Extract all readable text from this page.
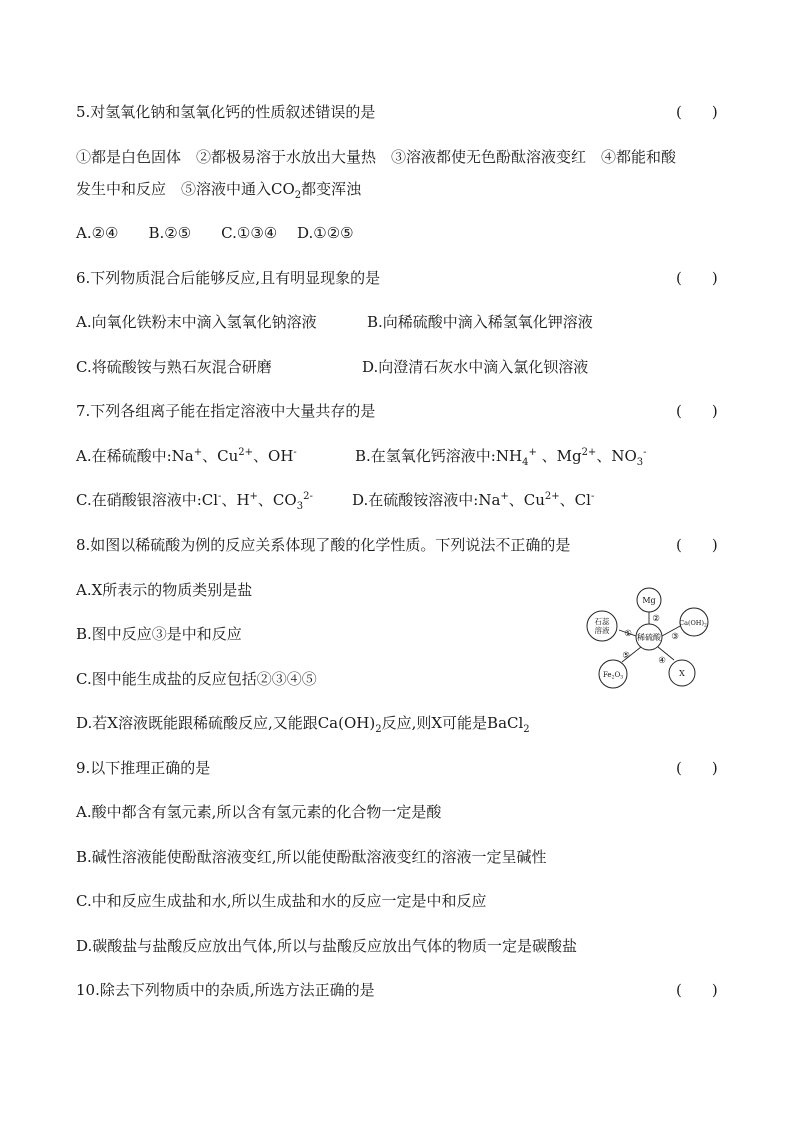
5.对氢氧化钠和氢氧化钙的性质叙述错误的是	(　　)
①都是白色固体　②都极易溶于水放出大量热　③溶液都使无色酚酞溶液变红　④都能和酸
发生中和反应　⑤溶液中通入$CO_2$都变浑浊
A.②④　　B.②⑤　　C.①③④　 D.①②⑤
6.下列物质混合后能够反应,且有明显现象的是	(　　)
A.向氧化铁粉末中滴入氢氧化钠溶液	B.向稀硫酸中滴入稀氢氧化钾溶液
C.将硫酸铵与熟石灰混合研磨	D.向澄清石灰水中滴入氯化钡溶液
7.下列各组离子能在指定溶液中大量共存的是	(　　)
A.在稀硫酸中:Na+、$Cu^{2+}$、OH-	B.在氢氧化钙溶液中$:NH_4^+$ 、$Mg^{2+}$、$NO_3^-$
C.在硝酸银溶液中:Cl-、H+、$CO_3^{2-}$	D.在硫酸铵溶液中:Na+、$Cu^{2+}$、Cl-
8.如图以稀硫酸为例的反应关系体现了酸的化学性质。下列说法不正确的是	(　　)
A.X所表示的物质类别是盐
B.图中反应③是中和反应
C.图中能生成盐的反应包括②③④⑤
D.若X溶液既能跟稀硫酸反应,又能跟$Ca(OH)_2$反应,则X可能是BaCl$_2$
稀硫酸
Mg
$Ca(OH)_2$
X
$Fe_2O_3$
石蕊
溶液 ①
②
③
④
⑤
9.以下推理正确的是	(　　)
A.酸中都含有氢元素,所以含有氢元素的化合物一定是酸
B.碱性溶液能使酚酞溶液变红,所以能使酚酞溶液变红的溶液一定呈碱性
C.中和反应生成盐和水,所以生成盐和水的反应一定是中和反应
D.碳酸盐与盐酸反应放出气体,所以与盐酸反应放出气体的物质一定是碳酸盐
10.除去下列物质中的杂质,所选方法正确的是	(　　)
